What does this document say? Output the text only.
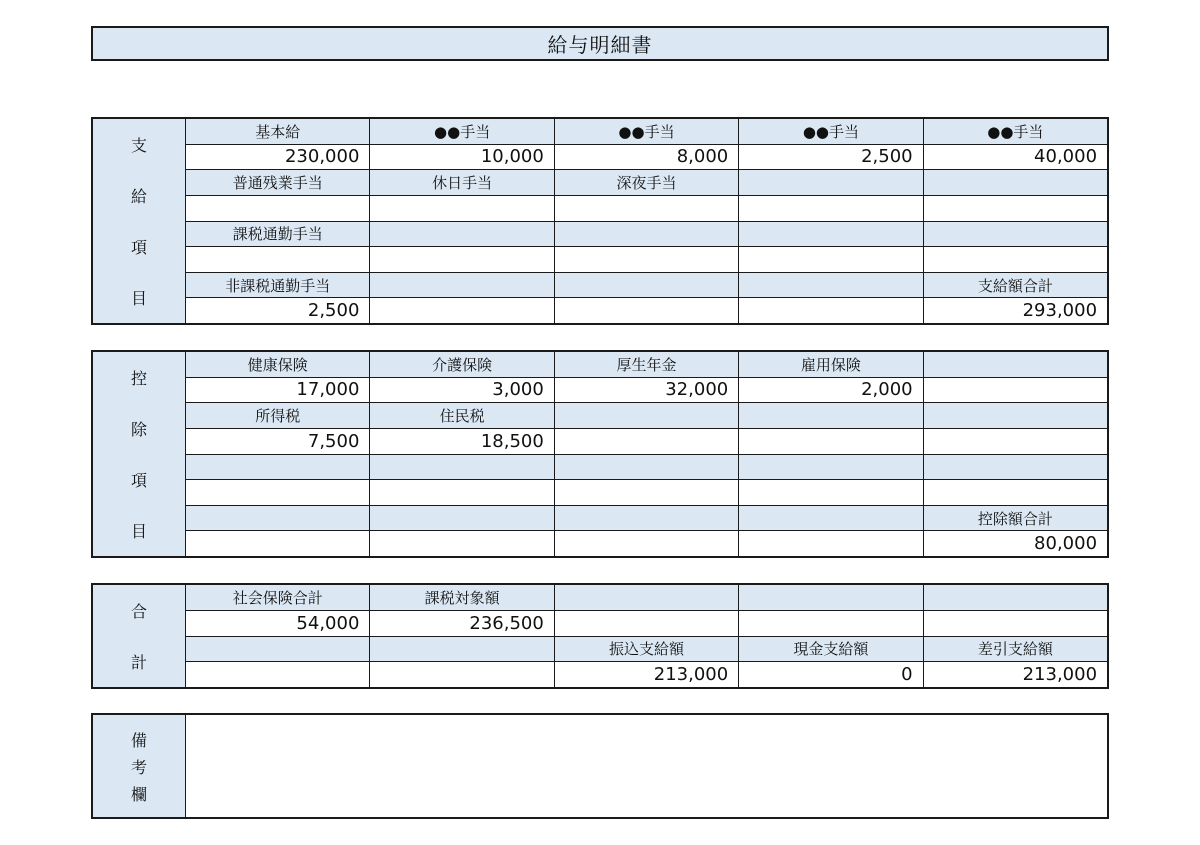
給与明細書
支
給
項
目
基本給	●●手当	●●手当	●●手当	●●手当
230,000	10,000	8,000	2,500	40,000
普通残業手当	休日手当	深夜手当
課税通勤手当
非課税通勤手当	支給額合計
2,500	293,000
控
除
項
目
健康保険	介護保険	厚生年金	雇用保険
17,000	3,000	32,000	2,000
所得税	住民税
7,500	18,500
控除額合計
80,000
合
計
社会保険合計	課税対象額
54,000	236,500
振込支給額	現金支給額	差引支給額
213,000	0	213,000
備
考
欄
